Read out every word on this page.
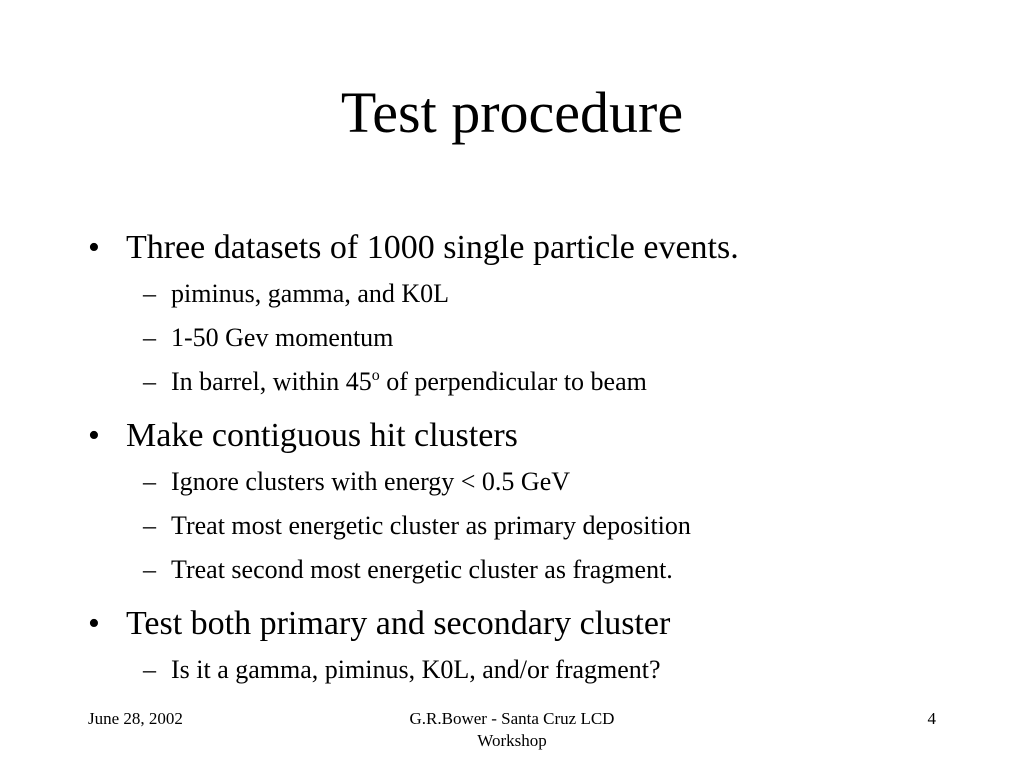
Test procedure
• Three datasets of 1000 single particle events.
– piminus, gamma, and K0L
– 1-50 Gev momentum
– In barrel, within 45$^o$ of perpendicular to beam
• Make contiguous hit clusters
– Ignore clusters with energy < 0.5 GeV
– Treat most energetic cluster as primary deposition
– Treat second most energetic cluster as fragment.
• Test both primary and secondary cluster
– Is it a gamma, piminus, K0L, and/or fragment?
June 28, 2002	G.R.Bower - Santa Cruz LCD
Workshop
4
